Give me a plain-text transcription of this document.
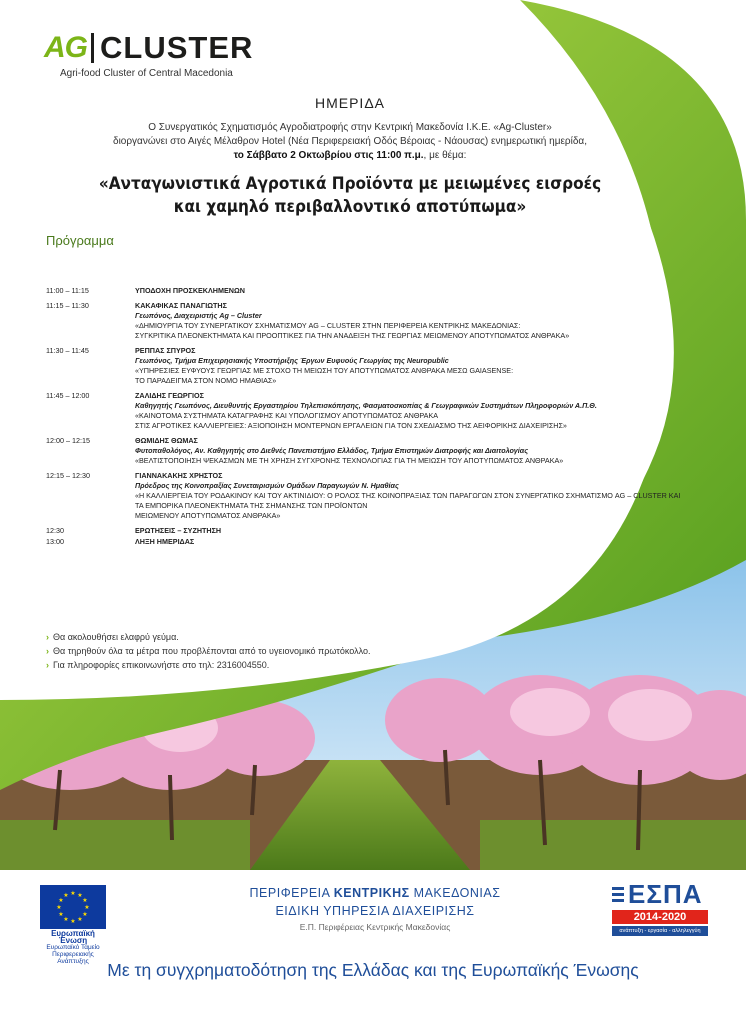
AG CLUSTER
Agri-food Cluster of Central Macedonia
ΗΜΕΡΙΔΑ
Ο Συνεργατικός Σχηματισμός Αγροδιατροφής στην Κεντρική Μακεδονία Ι.Κ.Ε. «Ag-Cluster»
διοργανώνει στο Αιγές Μέλαθρον Hotel (Νέα Περιφερειακή Οδός Βέροιας - Νάουσας) ενημερωτική ημερίδα,
το Σάββατο 2 Οκτωβρίου στις 11:00 π.μ., με θέμα:
«Ανταγωνιστικά Αγροτικά Προϊόντα με μειωμένες εισροές
και χαμηλό περιβαλλοντικό αποτύπωμα»
Πρόγραμμα
11:00 – 11:15	ΥΠΟΔΟΧΗ ΠΡΟΣΚΕΚΛΗΜΕΝΩΝ
11:15 – 11:30	ΚΑΚΑΦΙΚΑΣ ΠΑΝΑΓΙΩΤΗΣ
Γεωπόνος, Διαχειριστής Ag – Cluster
«ΔΗΜΙΟΥΡΓΙΑ ΤΟΥ ΣΥΝΕΡΓΑΤΙΚΟΥ ΣΧΗΜΑΤΙΣΜΟΥ AG – CLUSTER ΣΤΗΝ ΠΕΡΙΦΕΡΕΙΑ ΚΕΝΤΡΙΚΗΣ ΜΑΚΕΔΟΝΙΑΣ:
ΣΥΓΚΡΙΤΙΚΑ ΠΛΕΟΝΕΚΤΗΜΑΤΑ ΚΑΙ ΠΡΟΟΠΤΙΚΕΣ ΓΙΑ ΤΗΝ ΑΝΑΔΕΙΞΗ ΤΗΣ ΓΕΩΡΓΙΑΣ ΜΕΙΩΜΕΝΟΥ ΑΠΟΤΥΠΩΜΑΤΟΣ ΑΝΘΡΑΚΑ»
11:30 – 11:45	ΡΕΠΠΑΣ ΣΠΥΡΟΣ
Γεωπόνος, Τμήμα Επιχειρησιακής Υποστήριξης Έργων Ευφυούς Γεωργίας της Neuropublic
«ΥΠΗΡΕΣΙΕΣ ΕΥΦΥΟΥΣ ΓΕΩΡΓΙΑΣ ΜΕ ΣΤΟΧΟ ΤΗ ΜΕΙΩΣΗ ΤΟΥ ΑΠΟΤΥΠΩΜΑΤΟΣ ΑΝΘΡΑΚΑ ΜΕΣΩ GAIASENSE:
ΤΟ ΠΑΡΑΔΕΙΓΜΑ ΣΤΟΝ ΝΟΜΟ ΗΜΑΘΙΑΣ»
11:45 – 12:00	ΖΑΛΙΔΗΣ ΓΕΩΡΓΙΟΣ
Καθηγητής Γεωπόνος, Διευθυντής Εργαστηρίου Τηλεπισκόπησης, Φασματοσκοπίας & Γεωγραφικών Συστημάτων Πληροφοριών Α.Π.Θ.
«ΚΑΙΝΟΤΟΜΑ ΣΥΣΤΗΜΑΤΑ ΚΑΤΑΓΡΑΦΗΣ ΚΑΙ ΥΠΟΛΟΓΙΣΜΟΥ ΑΠΟΤΥΠΩΜΑΤΟΣ ΑΝΘΡΑΚΑ
ΣΤΙΣ ΑΓΡΟΤΙΚΕΣ ΚΑΛΛΙΕΡΓΕΙΕΣ: ΑΞΙΟΠΟΙΗΣΗ ΜΟΝΤΕΡΝΩΝ ΕΡΓΑΛΕΙΩΝ ΓΙΑ ΤΟΝ ΣΧΕΔΙΑΣΜΟ ΤΗΣ ΑΕΙΦΟΡΙΚΗΣ ΔΙΑΧΕΙΡΙΣΗΣ»
12:00 – 12:15	ΘΩΜΙΔΗΣ ΘΩΜΑΣ
Φυτοπαθολόγος, Αν. Καθηγητής στο Διεθνές Πανεπιστήμιο Ελλάδος, Τμήμα Επιστημών Διατροφής και Διαιτολογίας
«ΒΕΛΤΙΣΤΟΠΟΙΗΣΗ ΨΕΚΑΣΜΩΝ ΜΕ ΤΗ ΧΡΗΣΗ ΣΥΓΧΡΟΝΗΣ ΤΕΧΝΟΛΟΓΙΑΣ ΓΙΑ ΤΗ ΜΕΙΩΣΗ ΤΟΥ ΑΠΟΤΥΠΩΜΑΤΟΣ ΑΝΘΡΑΚΑ»
12:15 – 12:30	ΓΙΑΝΝΑΚΑΚΗΣ ΧΡΗΣΤΟΣ
Πρόεδρος της Κοινοπραξίας Συνεταιρισμών Ομάδων Παραγωγών Ν. Ημαθίας
«Η ΚΑΛΛΙΕΡΓΕΙΑ ΤΟΥ ΡΟΔΑΚΙΝΟΥ ΚΑΙ ΤΟΥ ΑΚΤΙΝΙΔΙΟΥ: Ο ΡΟΛΟΣ ΤΗΣ ΚΟΙΝΟΠΡΑΞΙΑΣ ΤΩΝ ΠΑΡΑΓΩΓΩΝ ΣΤΟΝ ΣΥΝΕΡΓΑΤΙΚΟ ΣΧΗΜΑΤΙΣΜΟ AG – CLUSTER ΚΑΙ ΤΑ ΕΜΠΟΡΙΚΑ ΠΛΕΟΝΕΚΤΗΜΑΤΑ ΤΗΣ ΣΗΜΑΝΣΗΣ ΤΩΝ ΠΡΟΪΟΝΤΩΝ
ΜΕΙΩΜΕΝΟΥ ΑΠΟΤΥΠΩΜΑΤΟΣ ΑΝΘΡΑΚΑ»
12:30	ΕΡΩΤΗΣΕΙΣ – ΣΥΖΗΤΗΣΗ
13:00	ΛΗΞΗ ΗΜΕΡΙΔΑΣ
› Θα ακολουθήσει ελαφρύ γεύμα.
› Θα τηρηθούν όλα τα μέτρα που προβλέπονται από το υγειονομικό πρωτόκολλο.
› Για πληροφορίες επικοινωνήστε στο τηλ: 2316004550.
★ ★
★
★
★
★
★
★
★
★
★
★
Ευρωπαϊκή Ένωση
Ευρωπαϊκό Ταμείο
Περιφερειακής Ανάπτυξης
ΠΕΡΙΦΕΡΕΙΑ ΚΕΝΤΡΙΚΗΣ ΜΑΚΕΔΟΝΙΑΣ
ΕΙΔΙΚΗ ΥΠΗΡΕΣΙΑ ΔΙΑΧΕΙΡΙΣΗΣ
Ε.Π. Περιφέρειας Κεντρικής Μακεδονίας
ΕΣΠΑ
2014-2020
ανάπτυξη - εργασία - αλληλεγγύη
Με τη συγχρηματοδότηση της Ελλάδας και της Ευρωπαϊκής Ένωσης
